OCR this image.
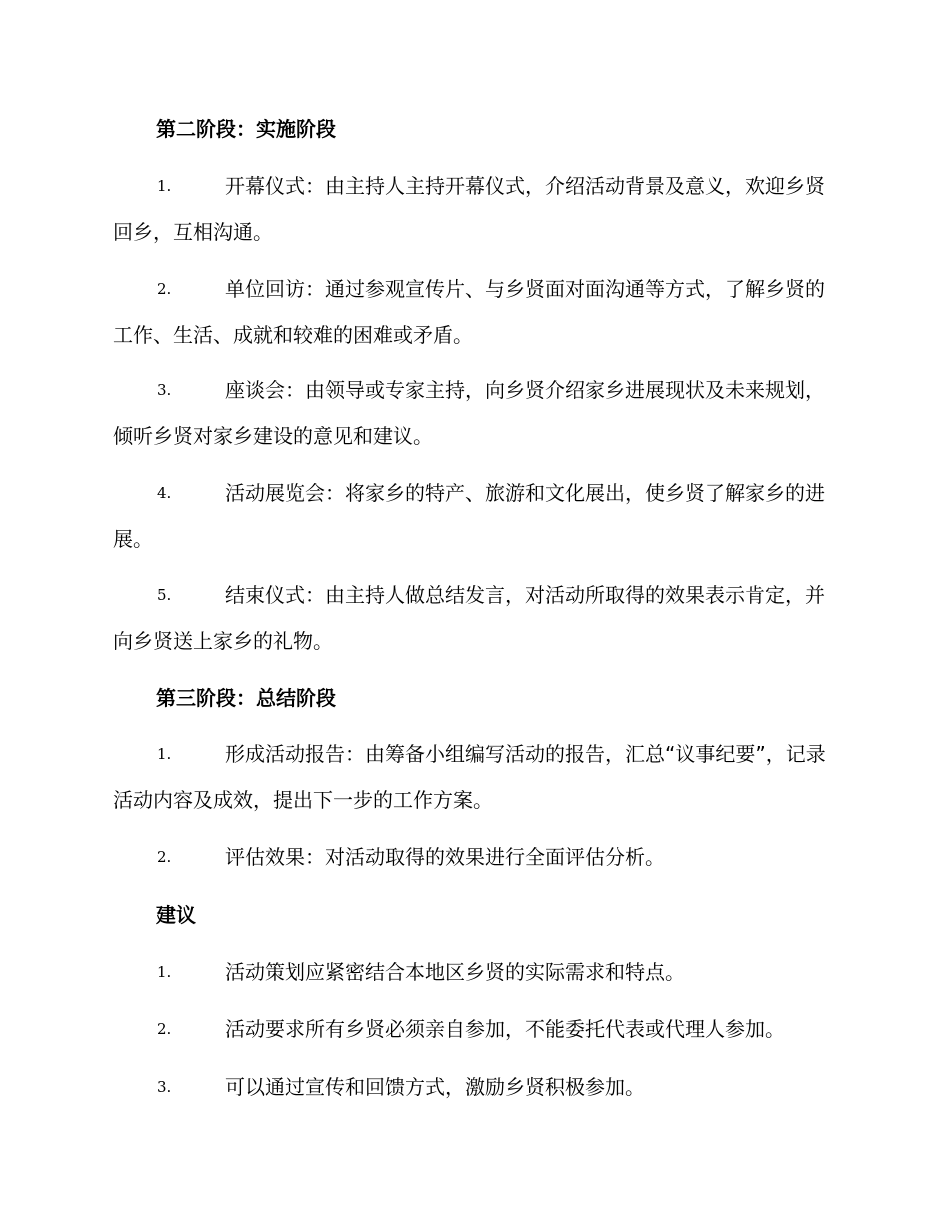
第二阶段：实施阶段
1.	开幕仪式：由主持人主持开幕仪式，介绍活动背景及意义，欢迎乡贤回乡，互相沟通。
2.	单位回访：通过参观宣传片、与乡贤面对面沟通等方式，了解乡贤的工作、生活、成就和较难的困难或矛盾。
3.	座谈会：由领导或专家主持，向乡贤介绍家乡进展现状及未来规划，倾听乡贤对家乡建设的意见和建议。
4.	活动展览会：将家乡的特产、旅游和文化展出，使乡贤了解家乡的进展。
5.	结束仪式：由主持人做总结发言，对活动所取得的效果表示肯定，并向乡贤送上家乡的礼物。
第三阶段：总结阶段
1.	形成活动报告：由筹备小组编写活动的报告，汇总“议事纪要”，记录活动内容及成效，提出下一步的工作方案。
2.	评估效果：对活动取得的效果进行全面评估分析。
建议
1.	活动策划应紧密结合本地区乡贤的实际需求和特点。
2.	活动要求所有乡贤必须亲自参加，不能委托代表或代理人参加。
3.	可以通过宣传和回馈方式，激励乡贤积极参加。
